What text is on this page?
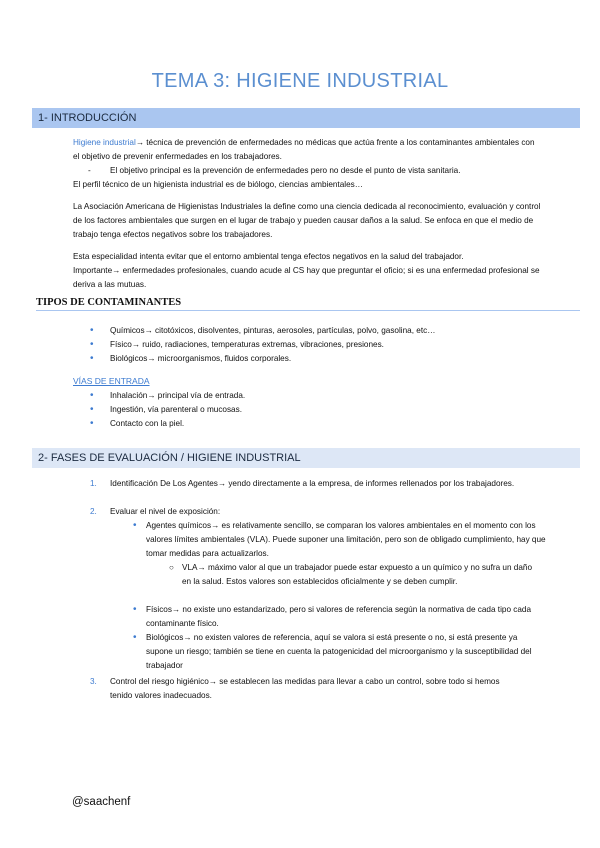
TEMA 3: HIGIENE INDUSTRIAL
1- INTRODUCCIÓN

Higiene industrial→ técnica de prevención de enfermedades no médicas que actúa frente a los contaminantes ambientales con el objetivo de prevenir enfermedades en los trabajadores.

-	El objetivo principal es la prevención de enfermedades pero no desde el punto de vista sanitaria.

El perfil técnico de un higienista industrial es de biólogo, ciencias ambientales…

La Asociación Americana de Higienistas Industriales la define como una ciencia dedicada al reconocimiento, evaluación y control de los factores ambientales que surgen en el lugar de trabajo y pueden causar daños a la salud. Se enfoca en que el medio de trabajo tenga efectos negativos sobre los trabajadores.

Esta especialidad intenta evitar que el entorno ambiental tenga efectos negativos en la salud del trabajador.

Importante→ enfermedades profesionales, cuando acude al CS hay que preguntar el oficio; si es una enfermedad profesional se deriva a las mutuas.

TIPOS DE CONTAMINANTES
• Químicos→ citotóxicos, disolventes, pinturas, aerosoles, partículas, polvo, gasolina, etc…
• Físico→ ruido, radiaciones, temperaturas extremas, vibraciones, presiones.
• Biológicos→ microorganismos, fluidos corporales.
VÍAS DE ENTRADA
• Inhalación→ principal vía de entrada.
• Ingestión, vía parenteral o mucosas.
• Contacto con la piel.
2- FASES DE EVALUACIÓN / HIGIENE INDUSTRIAL
1.	Identificación De Los Agentes→ yendo directamente a la empresa, de informes rellenados por los trabajadores.

2.	Evaluar el nivel de exposición:

• Agentes químicos→ es relativamente sencillo, se comparan los valores ambientales en el momento con los valores límites ambientales (VLA). Puede suponer una limitación, pero son de obligado cumplimiento, hay que tomar medidas para actualizarlos.

○ VLA→ máximo valor al que un trabajador puede estar expuesto a un químico y no sufra un daño en la salud. Estos valores son establecidos oficialmente y se deben cumplir.

• Físicos→ no existe uno estandarizado, pero si valores de referencia según la normativa de cada tipo cada contaminante físico.

• Biológicos→ no existen valores de referencia, aquí se valora si está presente o no, si está presente ya supone un riesgo; también se tiene en cuenta la patogenicidad del microorganismo y la susceptibilidad del trabajador

3.	Control del riesgo higiénico→ se establecen las medidas para llevar a cabo un control, sobre todo si hemos tenido valores inadecuados.

@saachenf
